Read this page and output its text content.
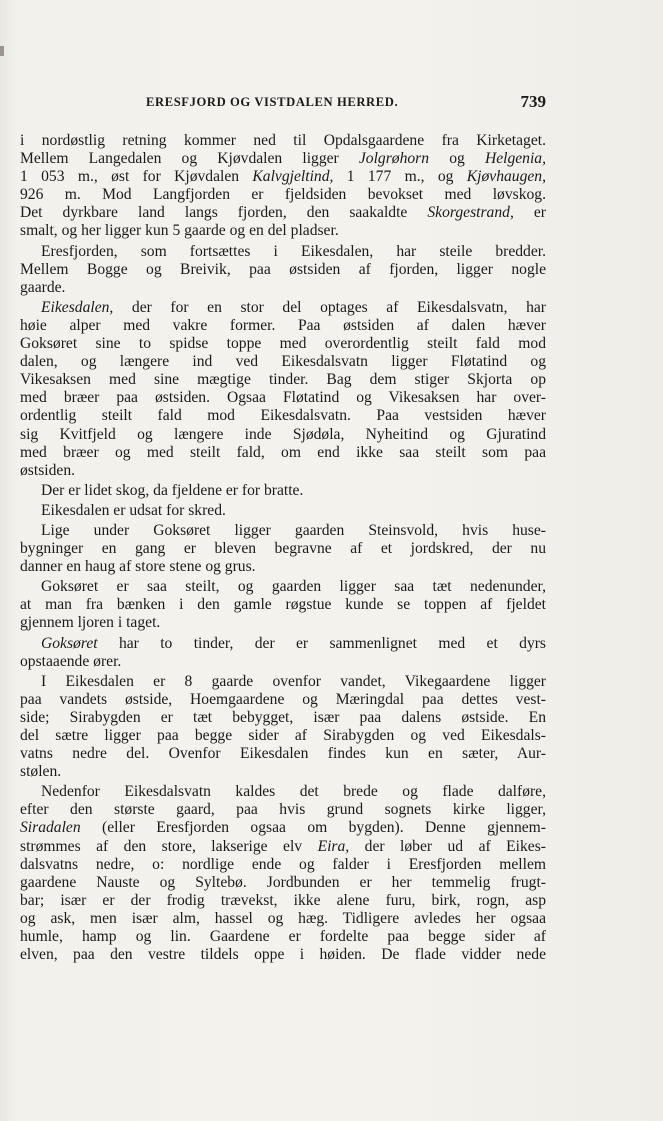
ERESFJORD OG VISTDALEN HERRED.	739
i nordøstlig retning kommer ned til Opdalsgaardene fra Kirketaget.
Mellem Langedalen og Kjøvdalen ligger Jolgrøhorn og Helgenia,
1 053 m., øst for Kjøvdalen Kalvgjeltind, 1 177 m., og Kjøvhaugen,
926 m. Mod Langfjorden er fjeldsiden bevokset med løvskog.
Det dyrkbare land langs fjorden, den saakaldte Skorgestrand, er
smalt, og her ligger kun 5 gaarde og en del pladser.
Eresfjorden, som fortsættes i Eikesdalen, har steile bredder.
Mellem Bogge og Breivik, paa østsiden af fjorden, ligger nogle
gaarde.
Eikesdalen, der for en stor del optages af Eikesdalsvatn, har
høie alper med vakre former. Paa østsiden af dalen hæver
Goksøret sine to spidse toppe med overordentlig steilt fald mod
dalen, og længere ind ved Eikesdalsvatn ligger Fløtatind og
Vikesaksen med sine mægtige tinder. Bag dem stiger Skjorta op
med bræer paa østsiden. Ogsaa Fløtatind og Vikesaksen har over-
ordentlig steilt fald mod Eikesdalsvatn. Paa vestsiden hæver
sig Kvitfjeld og længere inde Sjødøla, Nyheitind og Gjuratind
med bræer og med steilt fald, om end ikke saa steilt som paa
østsiden.
Der er lidet skog, da fjeldene er for bratte.
Eikesdalen er udsat for skred.
Lige under Goksøret ligger gaarden Steinsvold, hvis huse-
bygninger en gang er bleven begravne af et jordskred, der nu
danner en haug af store stene og grus.
Goksøret er saa steilt, og gaarden ligger saa tæt nedenunder,
at man fra bænken i den gamle røgstue kunde se toppen af fjeldet
gjennem ljoren i taget.
Goksøret har to tinder, der er sammenlignet med et dyrs
opstaaende ører.
I Eikesdalen er 8 gaarde ovenfor vandet, Vikegaardene ligger
paa vandets østside, Hoemgaardene og Mæringdal paa dettes vest-
side; Sirabygden er tæt bebygget, især paa dalens østside. En
del sætre ligger paa begge sider af Sirabygden og ved Eikesdals-
vatns nedre del. Ovenfor Eikesdalen findes kun en sæter, Aur-
stølen.
Nedenfor Eikesdalsvatn kaldes det brede og flade dalføre,
efter den største gaard, paa hvis grund sognets kirke ligger,
Siradalen (eller Eresfjorden ogsaa om bygden). Denne gjennem-
strømmes af den store, lakserige elv Eira, der løber ud af Eikes-
dalsvatns nedre, o: nordlige ende og falder i Eresfjorden mellem
gaardene Nauste og Syltebø. Jordbunden er her temmelig frugt-
bar; især er der frodig trævekst, ikke alene furu, birk, rogn, asp
og ask, men især alm, hassel og hæg. Tidligere avledes her ogsaa
humle, hamp og lin. Gaardene er fordelte paa begge sider af
elven, paa den vestre tildels oppe i høiden. De flade vidder nede
